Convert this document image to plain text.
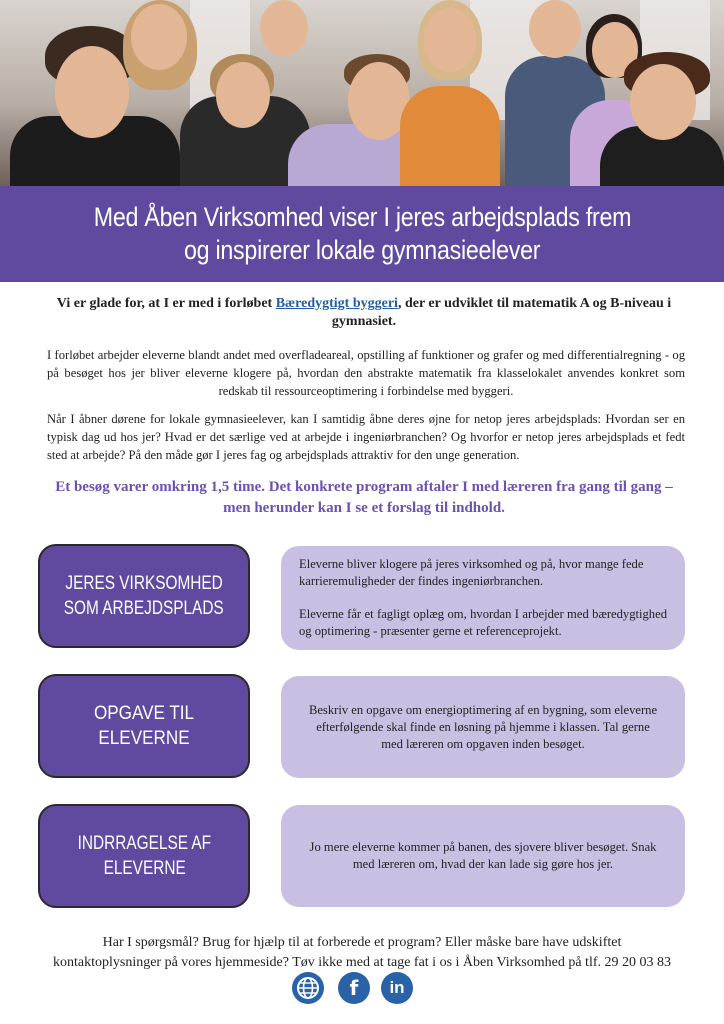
Med Åben Virksomhed viser I jeres arbejdsplads frem
og inspirerer lokale gymnasieelever
Vi er glade for, at I er med i forløbet Bæredygtigt byggeri, der er udviklet til matematik A og B-niveau i gymnasiet.
I forløbet arbejder eleverne blandt andet med overfladeareal, opstilling af funktioner og grafer og med differentialregning - og på besøget hos jer bliver eleverne klogere på, hvordan den abstrakte matematik fra klasselokalet anvendes konkret som redskab til ressourceoptimering i forbindelse med byggeri.
Når I åbner dørene for lokale gymnasieelever, kan I samtidig åbne deres øjne for netop jeres arbejdsplads: Hvordan ser en typisk dag ud hos jer? Hvad er det særlige ved at arbejde i ingeniørbranchen? Og hvorfor er netop jeres arbejdsplads et fedt sted at arbejde? På den måde gør I jeres fag og arbejdsplads attraktiv for den unge generation.
Et besøg varer omkring 1,5 time. Det konkrete program aftaler I med læreren fra gang til gang – men herunder kan I se et forslag til indhold.
JERES VIRKSOMHED
SOM ARBEJDSPLADS
Eleverne bliver klogere på jeres virksomhed og på, hvor mange fede karrieremuligheder der findes ingeniørbranchen.
Eleverne får et fagligt oplæg om, hvordan I arbejder med bæredygtighed og optimering - præsenter gerne et referenceprojekt.
OPGAVE TIL ELEVERNE
Beskriv en opgave om energioptimering af en bygning, som eleverne efterfølgende skal finde en løsning på hjemme i klassen. Tal gerne med læreren om opgaven inden besøget.
INDRRAGELSE AF
ELEVERNE
Jo mere eleverne kommer på banen, des sjovere bliver besøget. Snak med læreren om, hvad der kan lade sig gøre hos jer.
Har I spørgsmål? Brug for hjælp til at forberede et program? Eller måske bare have udskiftet
kontaktoplysninger på vores hjemmeside? Tøv ikke med at tage fat i os i Åben Virksomhed på tlf. 29 20 03 83
f	in
